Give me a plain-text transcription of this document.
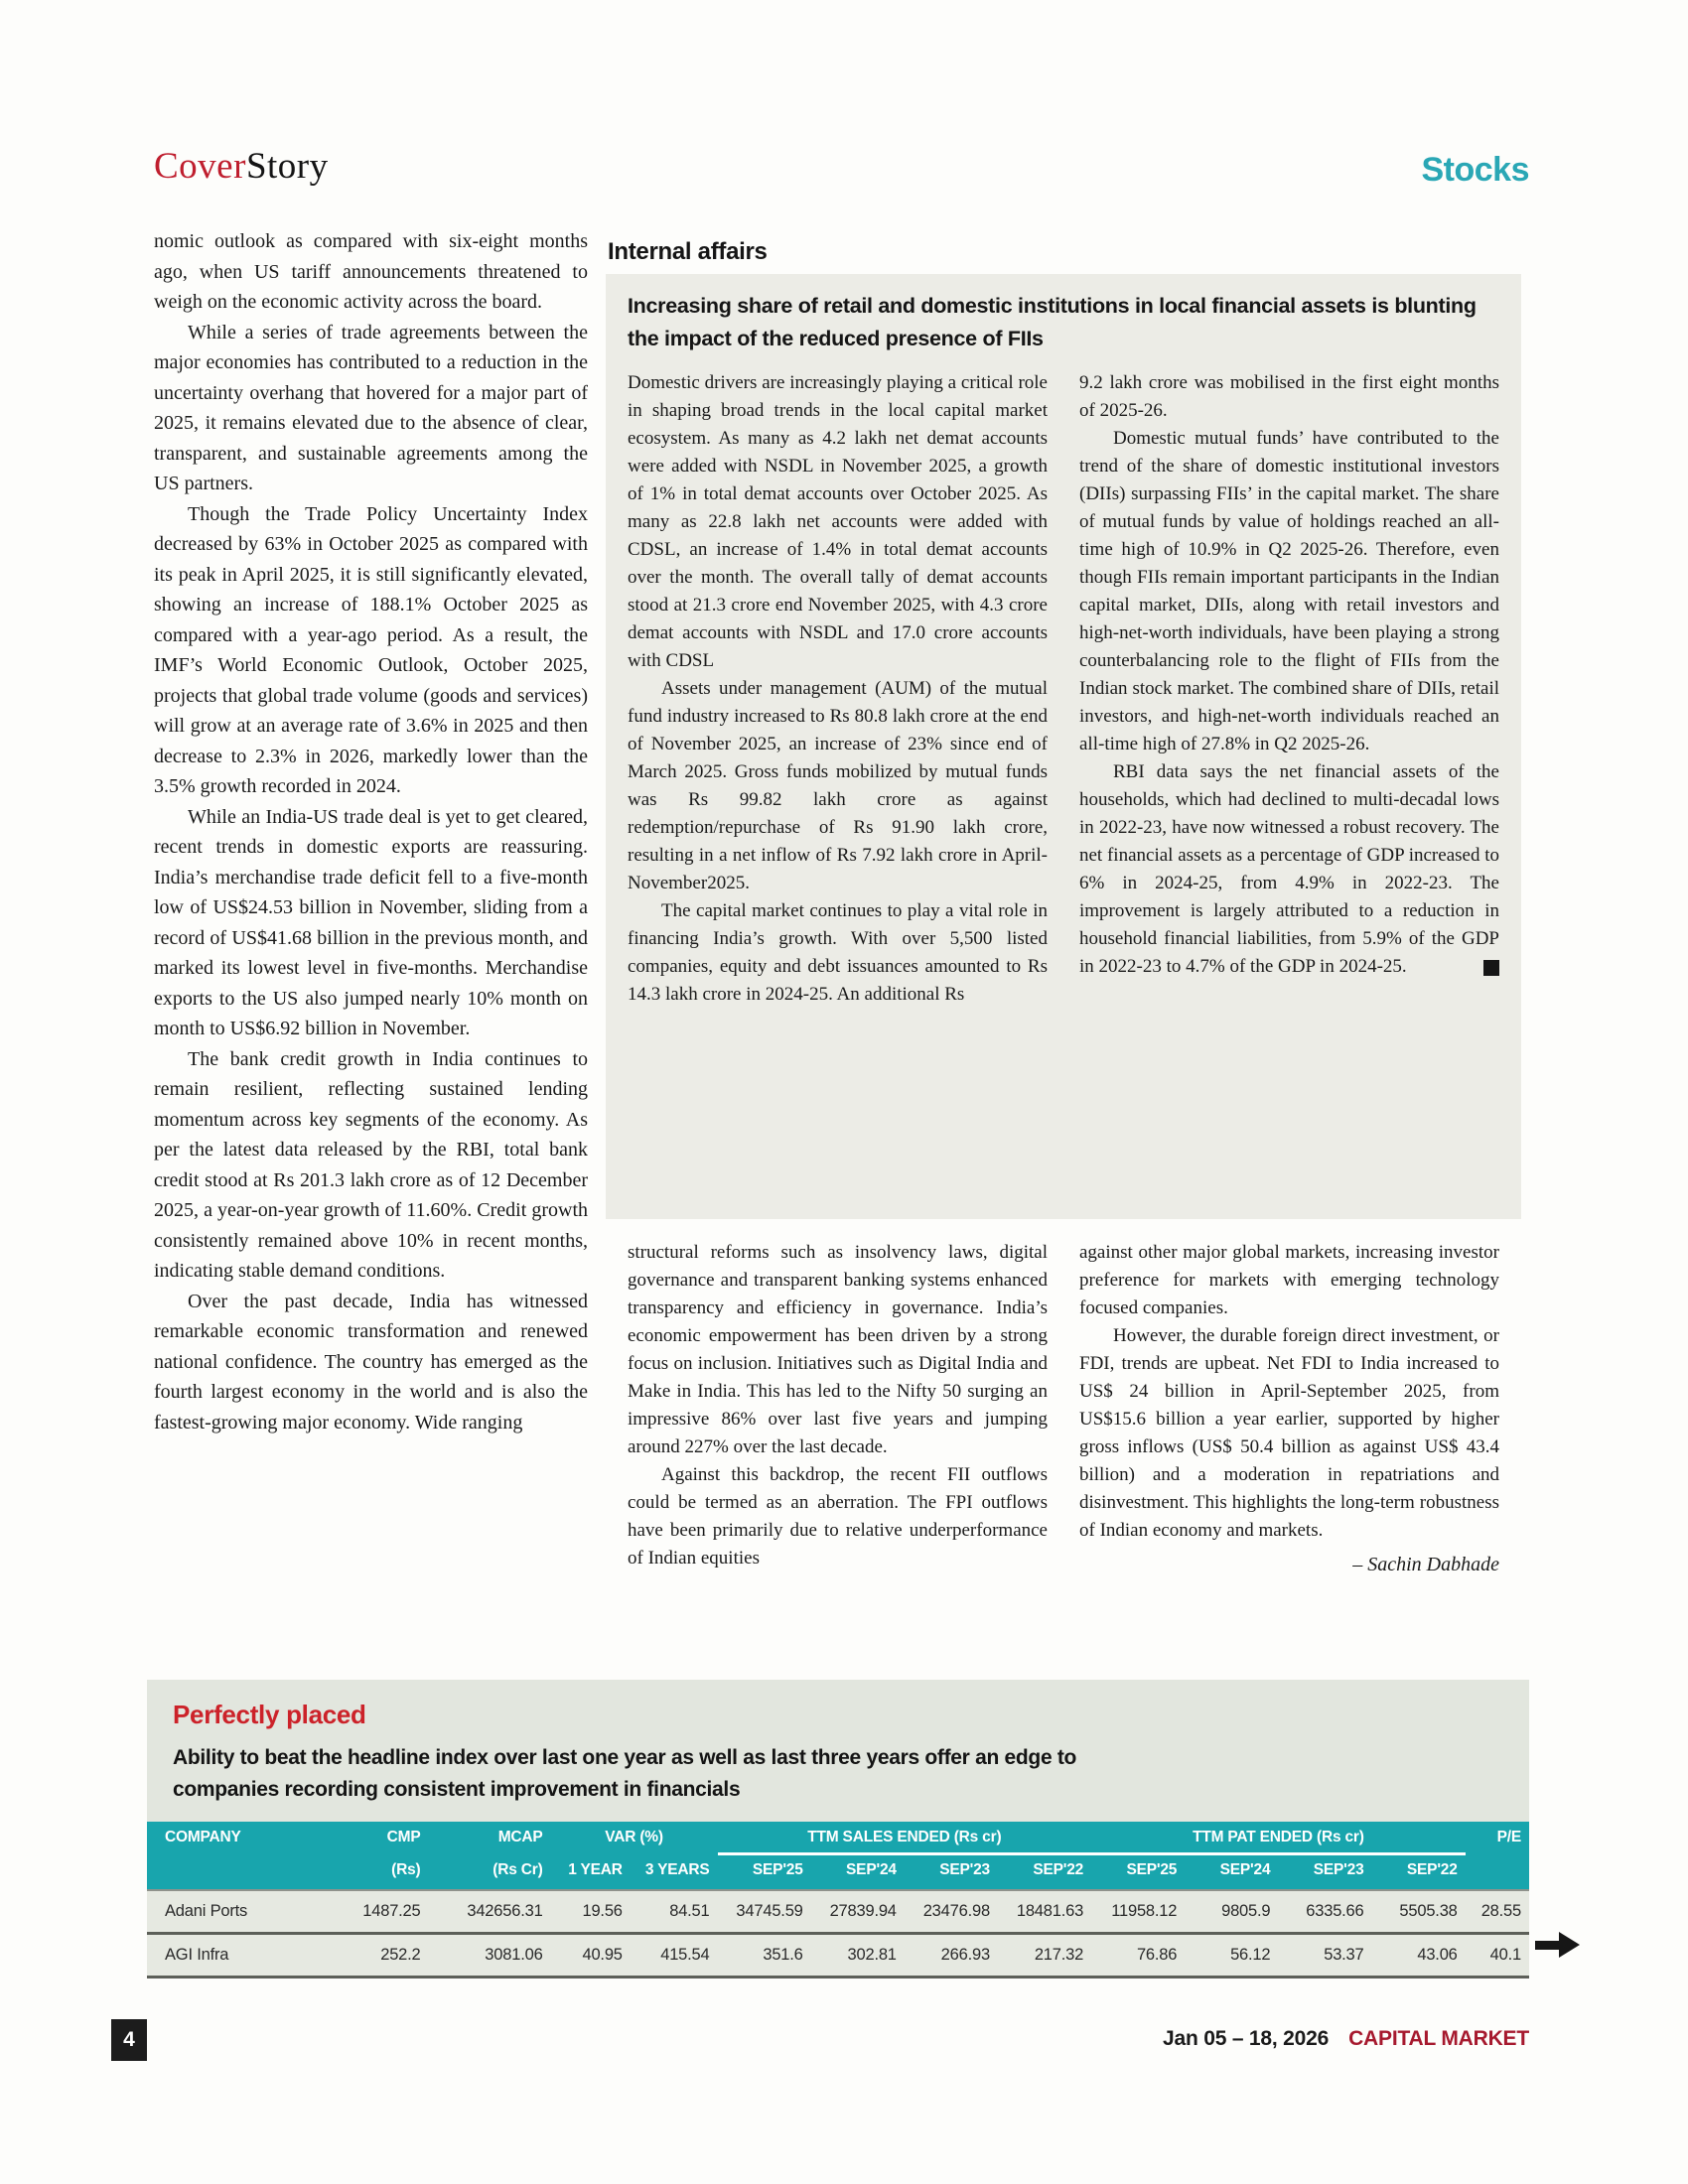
CoverStory	Stocks

nomic outlook as compared with six-eight months ago, when US tariff announcements threatened to weigh on the economic activity across the board.

While a series of trade agreements between the major economies has contributed to a reduction in the uncertainty overhang that hovered for a major part of 2025, it remains elevated due to the absence of clear, transparent, and sustainable agreements among the US partners.

Though the Trade Policy Uncertainty Index decreased by 63% in October 2025 as compared with its peak in April 2025, it is still significantly elevated, showing an increase of 188.1% October 2025 as compared with a year-ago period. As a result, the IMF’s World Economic Outlook, October 2025, projects that global trade volume (goods and services) will grow at an average rate of 3.6% in 2025 and then decrease to 2.3% in 2026, markedly lower than the 3.5% growth recorded in 2024.

While an India-US trade deal is yet to get cleared, recent trends in domestic exports are reassuring. India’s merchandise trade deficit fell to a five-month low of US$24.53 billion in November, sliding from a record of US$41.68 billion in the previous month, and marked its lowest level in five-months. Merchandise exports to the US also jumped nearly 10% month on month to US$6.92 billion in November.

The bank credit growth in India continues to remain resilient, reflecting sustained lending momentum across key segments of the economy. As per the latest data released by the RBI, total bank credit stood at Rs 201.3 lakh crore as of 12 December 2025, a year-on-year growth of 11.60%. Credit growth consistently remained above 10% in recent months, indicating stable demand conditions.

Over the past decade, India has witnessed remarkable economic transformation and renewed national confidence. The country has emerged as the fourth largest economy in the world and is also the fastest-growing major economy. Wide ranging

Internal affairs

Increasing share of retail and domestic institutions in local financial assets is blunting the impact of the reduced presence of FIIs

Domestic drivers are increasingly playing a critical role in shaping broad trends in the local capital market ecosystem. As many as 4.2 lakh net demat accounts were added with NSDL in November 2025, a growth of 1% in total demat accounts over October 2025. As many as 22.8 lakh net accounts were added with CDSL, an increase of 1.4% in total demat accounts over the month. The overall tally of demat accounts stood at 21.3 crore end November 2025, with 4.3 crore demat accounts with NSDL and 17.0 crore accounts with CDSL

Assets under management (AUM) of the mutual fund industry increased to Rs 80.8 lakh crore at the end of November 2025, an increase of 23% since end of March 2025. Gross funds mobilized by mutual funds was Rs 99.82 lakh crore as against redemption/repurchase of Rs 91.90 lakh crore, resulting in a net inflow of Rs 7.92 lakh crore in April-November2025.

The capital market continues to play a vital role in financing India’s growth. With over 5,500 listed companies, equity and debt issuances amounted to Rs 14.3 lakh crore in 2024-25. An additional Rs

9.2 lakh crore was mobilised in the first eight months of 2025-26.

Domestic mutual funds’ have contributed to the trend of the share of domestic institutional investors (DIIs) surpassing FIIs’ in the capital market. The share of mutual funds by value of holdings reached an all-time high of 10.9% in Q2 2025-26. Therefore, even though FIIs remain important participants in the Indian capital market, DIIs, along with retail investors and high-net-worth individuals, have been playing a strong counterbalancing role to the flight of FIIs from the Indian stock market. The combined share of DIIs, retail investors, and high-net-worth individuals reached an all-time high of 27.8% in Q2 2025-26.

RBI data says the net financial assets of the households, which had declined to multi-decadal lows in 2022-23, have now witnessed a robust recovery. The net financial assets as a percentage of GDP increased to 6% in 2024-25, from 4.9% in 2022-23. The improvement is largely attributed to a reduction in household financial liabilities, from 5.9% of the GDP in 2022-23 to 4.7% of the GDP in 2024-25.

structural reforms such as insolvency laws, digital governance and transparent banking systems enhanced transparency and efficiency in governance. India’s economic empowerment has been driven by a strong focus on inclusion. Initiatives such as Digital India and Make in India. This has led to the Nifty 50 surging an impressive 86% over last five years and jumping around 227% over the last decade.

Against this backdrop, the recent FII outflows could be termed as an aberration. The FPI outflows have been primarily due to relative underperformance of Indian equities

against other major global markets, increasing investor preference for markets with emerging technology focused companies.

However, the durable foreign direct investment, or FDI, trends are upbeat. Net FDI to India increased to US$ 24 billion in April-September 2025, from US$15.6 billion a year earlier, supported by higher gross inflows (US$ 50.4 billion as against US$ 43.4 billion) and a moderation in repatriations and disinvestment. This highlights the long-term robustness of Indian economy and markets.

– Sachin Dabhade

Perfectly placed

Ability to beat the headline index over last one year as well as last three years offer an edge to companies recording consistent improvement in financials

COMPANY	CMP	MCAP	VAR (%)		TTM SALES ENDED (Rs cr)				TTM PAT ENDED (Rs cr)				P/E
	(Rs)	(Rs Cr)	1 YEAR	3 YEARS	SEP'25	SEP'24	SEP'23	SEP'22	SEP'25	SEP'24	SEP'23	SEP'22	
Adani Ports	1487.25	342656.31	19.56	84.51	34745.59	27839.94	23476.98	18481.63	11958.12	9805.9	6335.66	5505.38	28.55
AGI Infra	252.2	3081.06	40.95	415.54	351.6	302.81	266.93	217.32	76.86	56.12	53.37	43.06	40.1
4	Jan 05 – 18, 2026 CAPITAL MARKET
